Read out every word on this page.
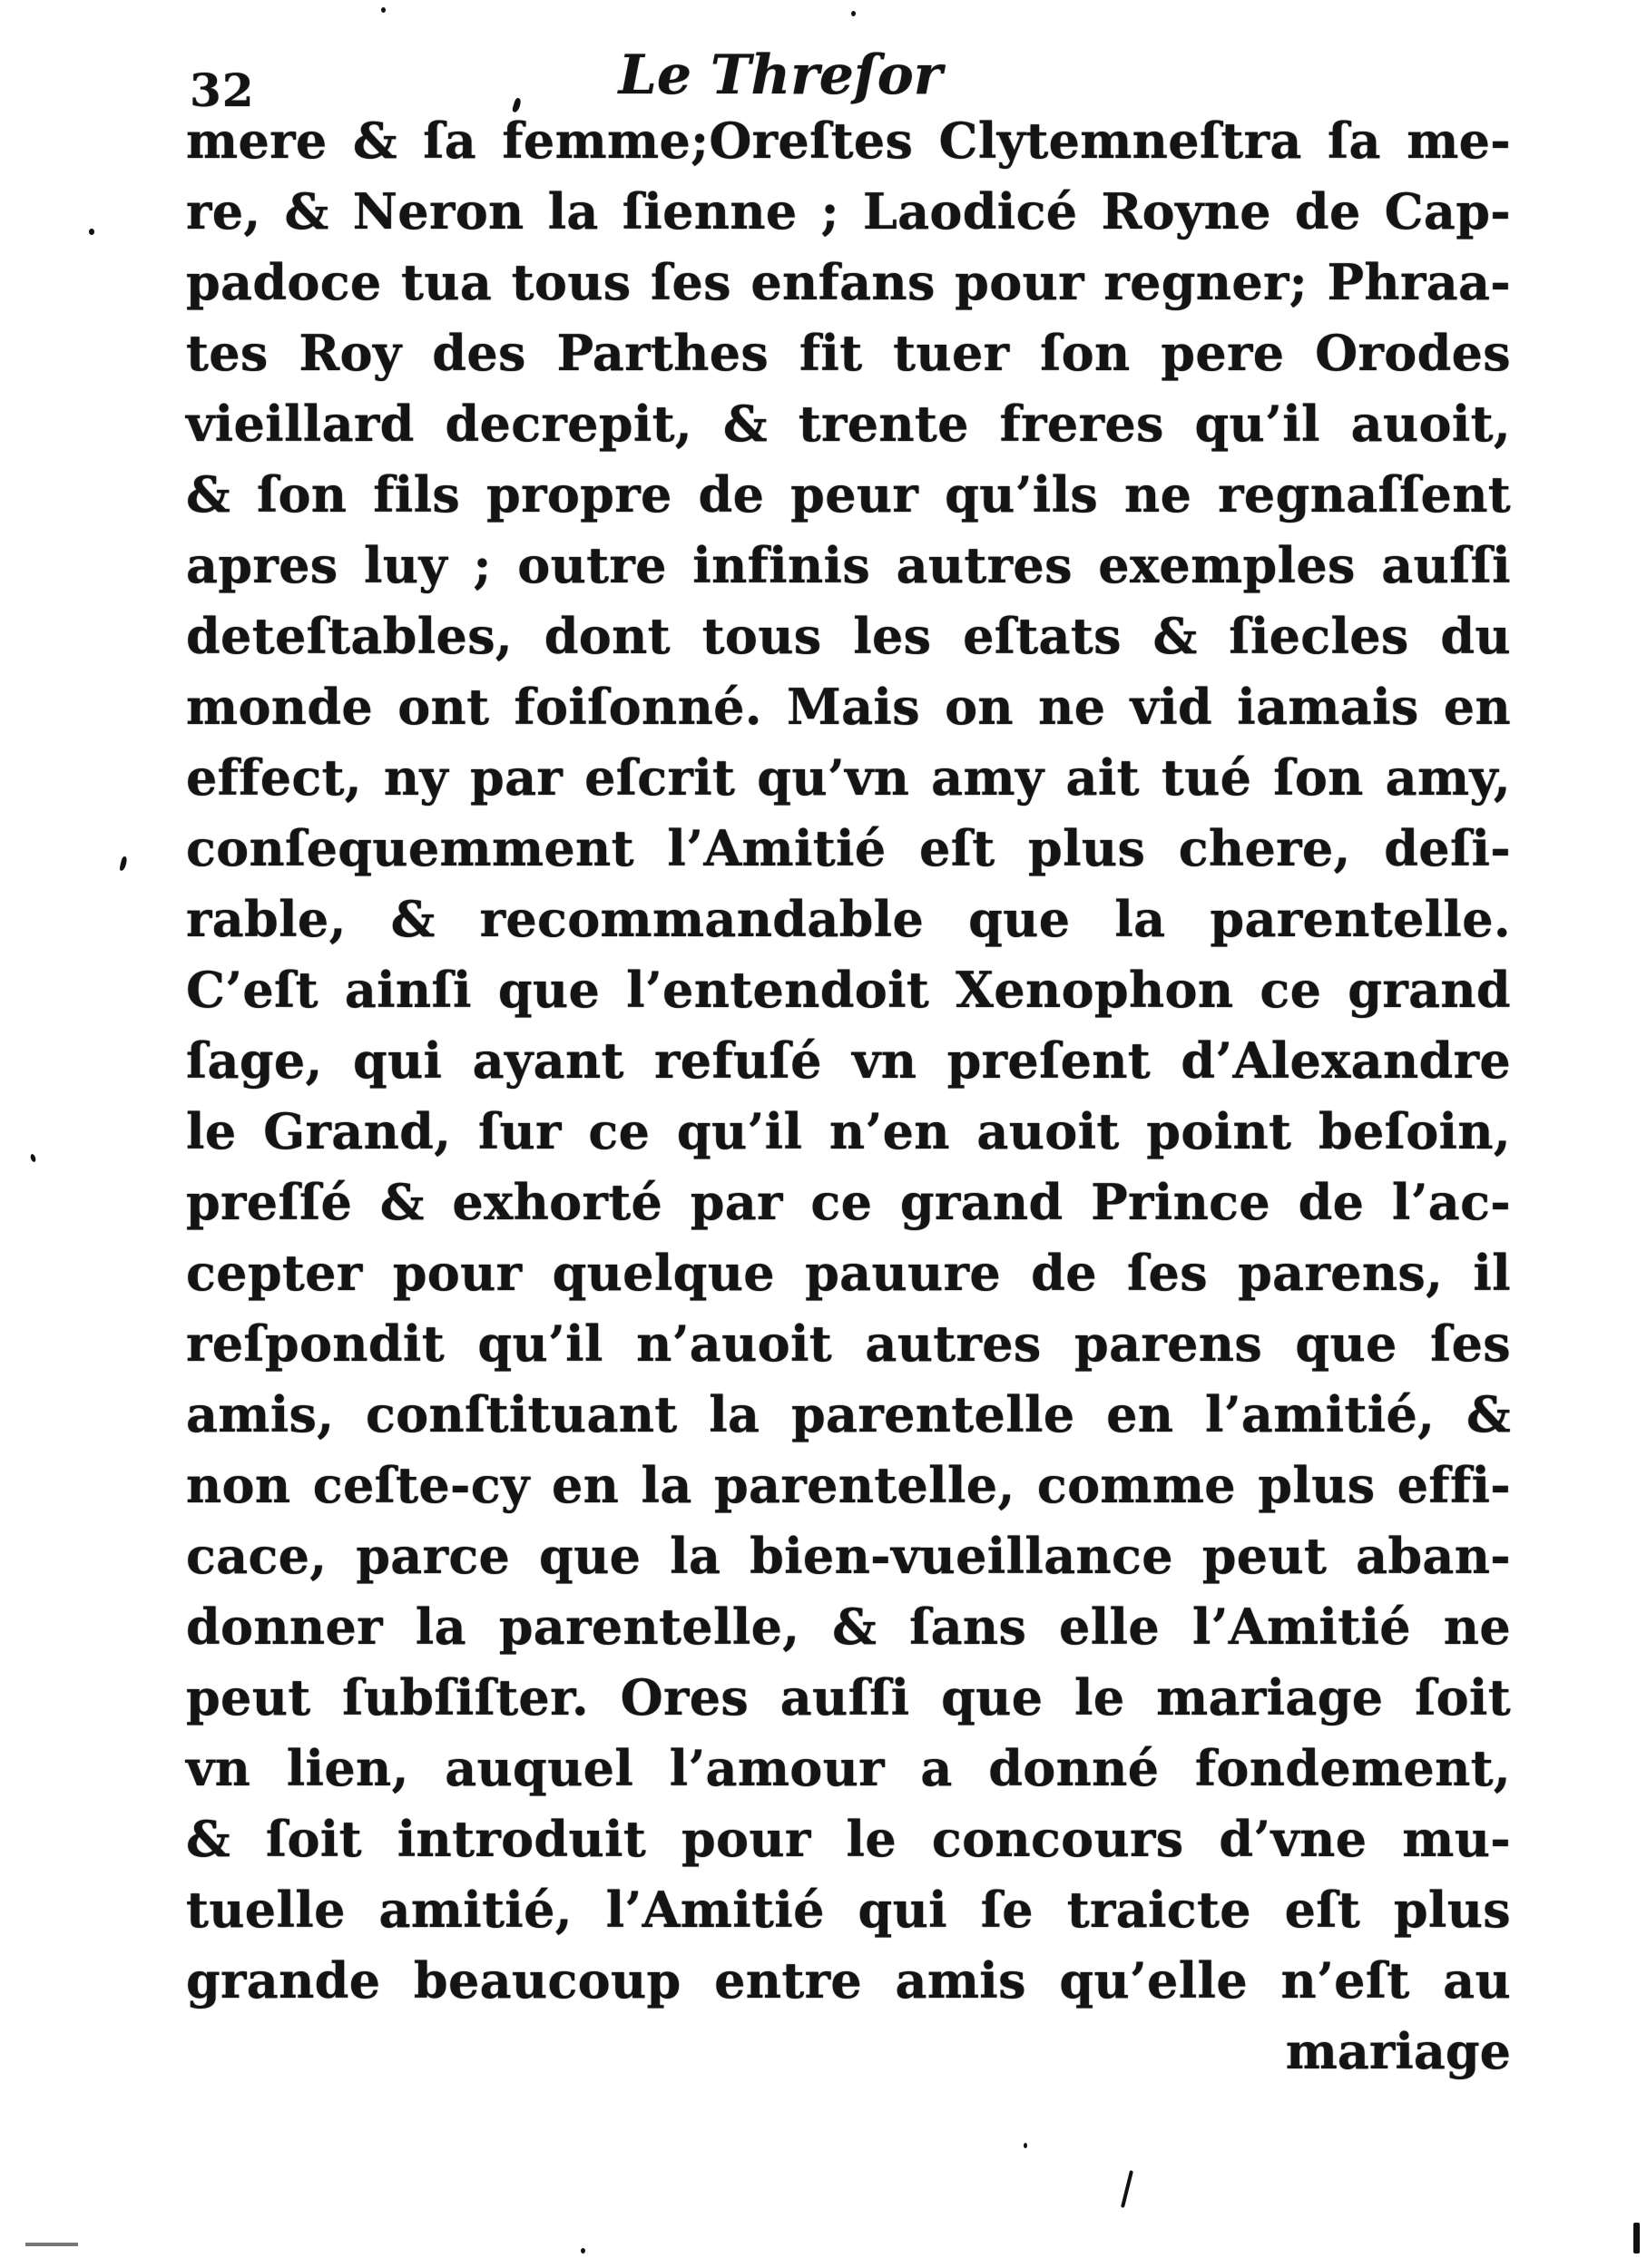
32	Le Threſor
mere & ſa femme;Oreſtes Clytemneſtra ſa me-
re, & Neron la ſienne ; Laodicé Royne de Cap-
padoce tua tous ſes enfans pour regner; Phraa-
tes Roy des Parthes fit tuer ſon pere Orodes
vieillard decrepit, & trente freres qu’il auoit,
& ſon fils propre de peur qu’ils ne regnaſſent
apres luy ; outre infinis autres exemples auſſi
deteſtables, dont tous les eſtats & ſiecles du
monde ont foiſonné. Mais on ne vid iamais en
effect, ny par eſcrit qu’vn amy ait tué ſon amy,
conſequemment l’Amitié eſt plus chere, deſi-
rable, & recommandable que la parentelle.
C’eſt ainſi que l’entendoit Xenophon ce grand
ſage, qui ayant refuſé vn preſent d’Alexandre
le Grand, ſur ce qu’il n’en auoit point beſoin,
preſſé & exhorté par ce grand Prince de l’ac-
cepter pour quelque pauure de ſes parens, il
reſpondit qu’il n’auoit autres parens que ſes
amis, conſtituant la parentelle en l’amitié, &
non ceſte-cy en la parentelle, comme plus effi-
cace, parce que la bien-vueillance peut aban-
donner la parentelle, & ſans elle l’Amitié ne
peut ſubſiſter. Ores auſſi que le mariage ſoit
vn lien, auquel l’amour a donné fondement,
& ſoit introduit pour le concours d’vne mu-
tuelle amitié, l’Amitié qui ſe traicte eſt plus
grande beaucoup entre amis qu’elle n’eſt au
mariage
